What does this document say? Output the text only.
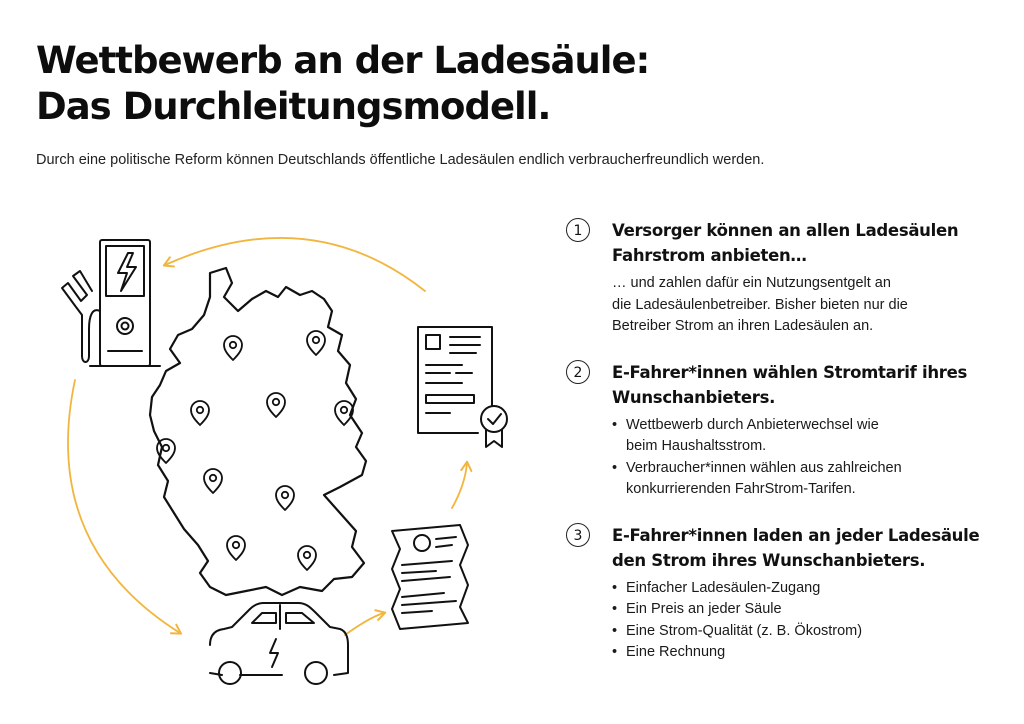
Wettbewerb an der Ladesäule:
Das Durchleitungsmodell.
Durch eine politische Reform können Deutschlands öffentliche Ladesäulen endlich verbraucherfreundlich werden.
1	Versorger können an allen Ladesäulen
Fahrstrom anbieten…
… und zahlen dafür ein Nutzungsentgelt an
die Ladesäulenbetreiber. Bisher bieten nur die
Betreiber Strom an ihren Ladesäulen an.
2	E-Fahrer*innen wählen Stromtarif ihres
Wunschanbieters.
• Wettbewerb durch Anbieterwechsel wie
beim Haushaltsstrom.
• Verbraucher*innen wählen aus zahlreichen
konkurrierenden FahrStrom-Tarifen.
3	E-Fahrer*innen laden an jeder Ladesäule
den Strom ihres Wunschanbieters.
• Einfacher Ladesäulen-Zugang
• Ein Preis an jeder Säule
• Eine Strom-Qualität (z. B. Ökostrom)
• Eine Rechnung
